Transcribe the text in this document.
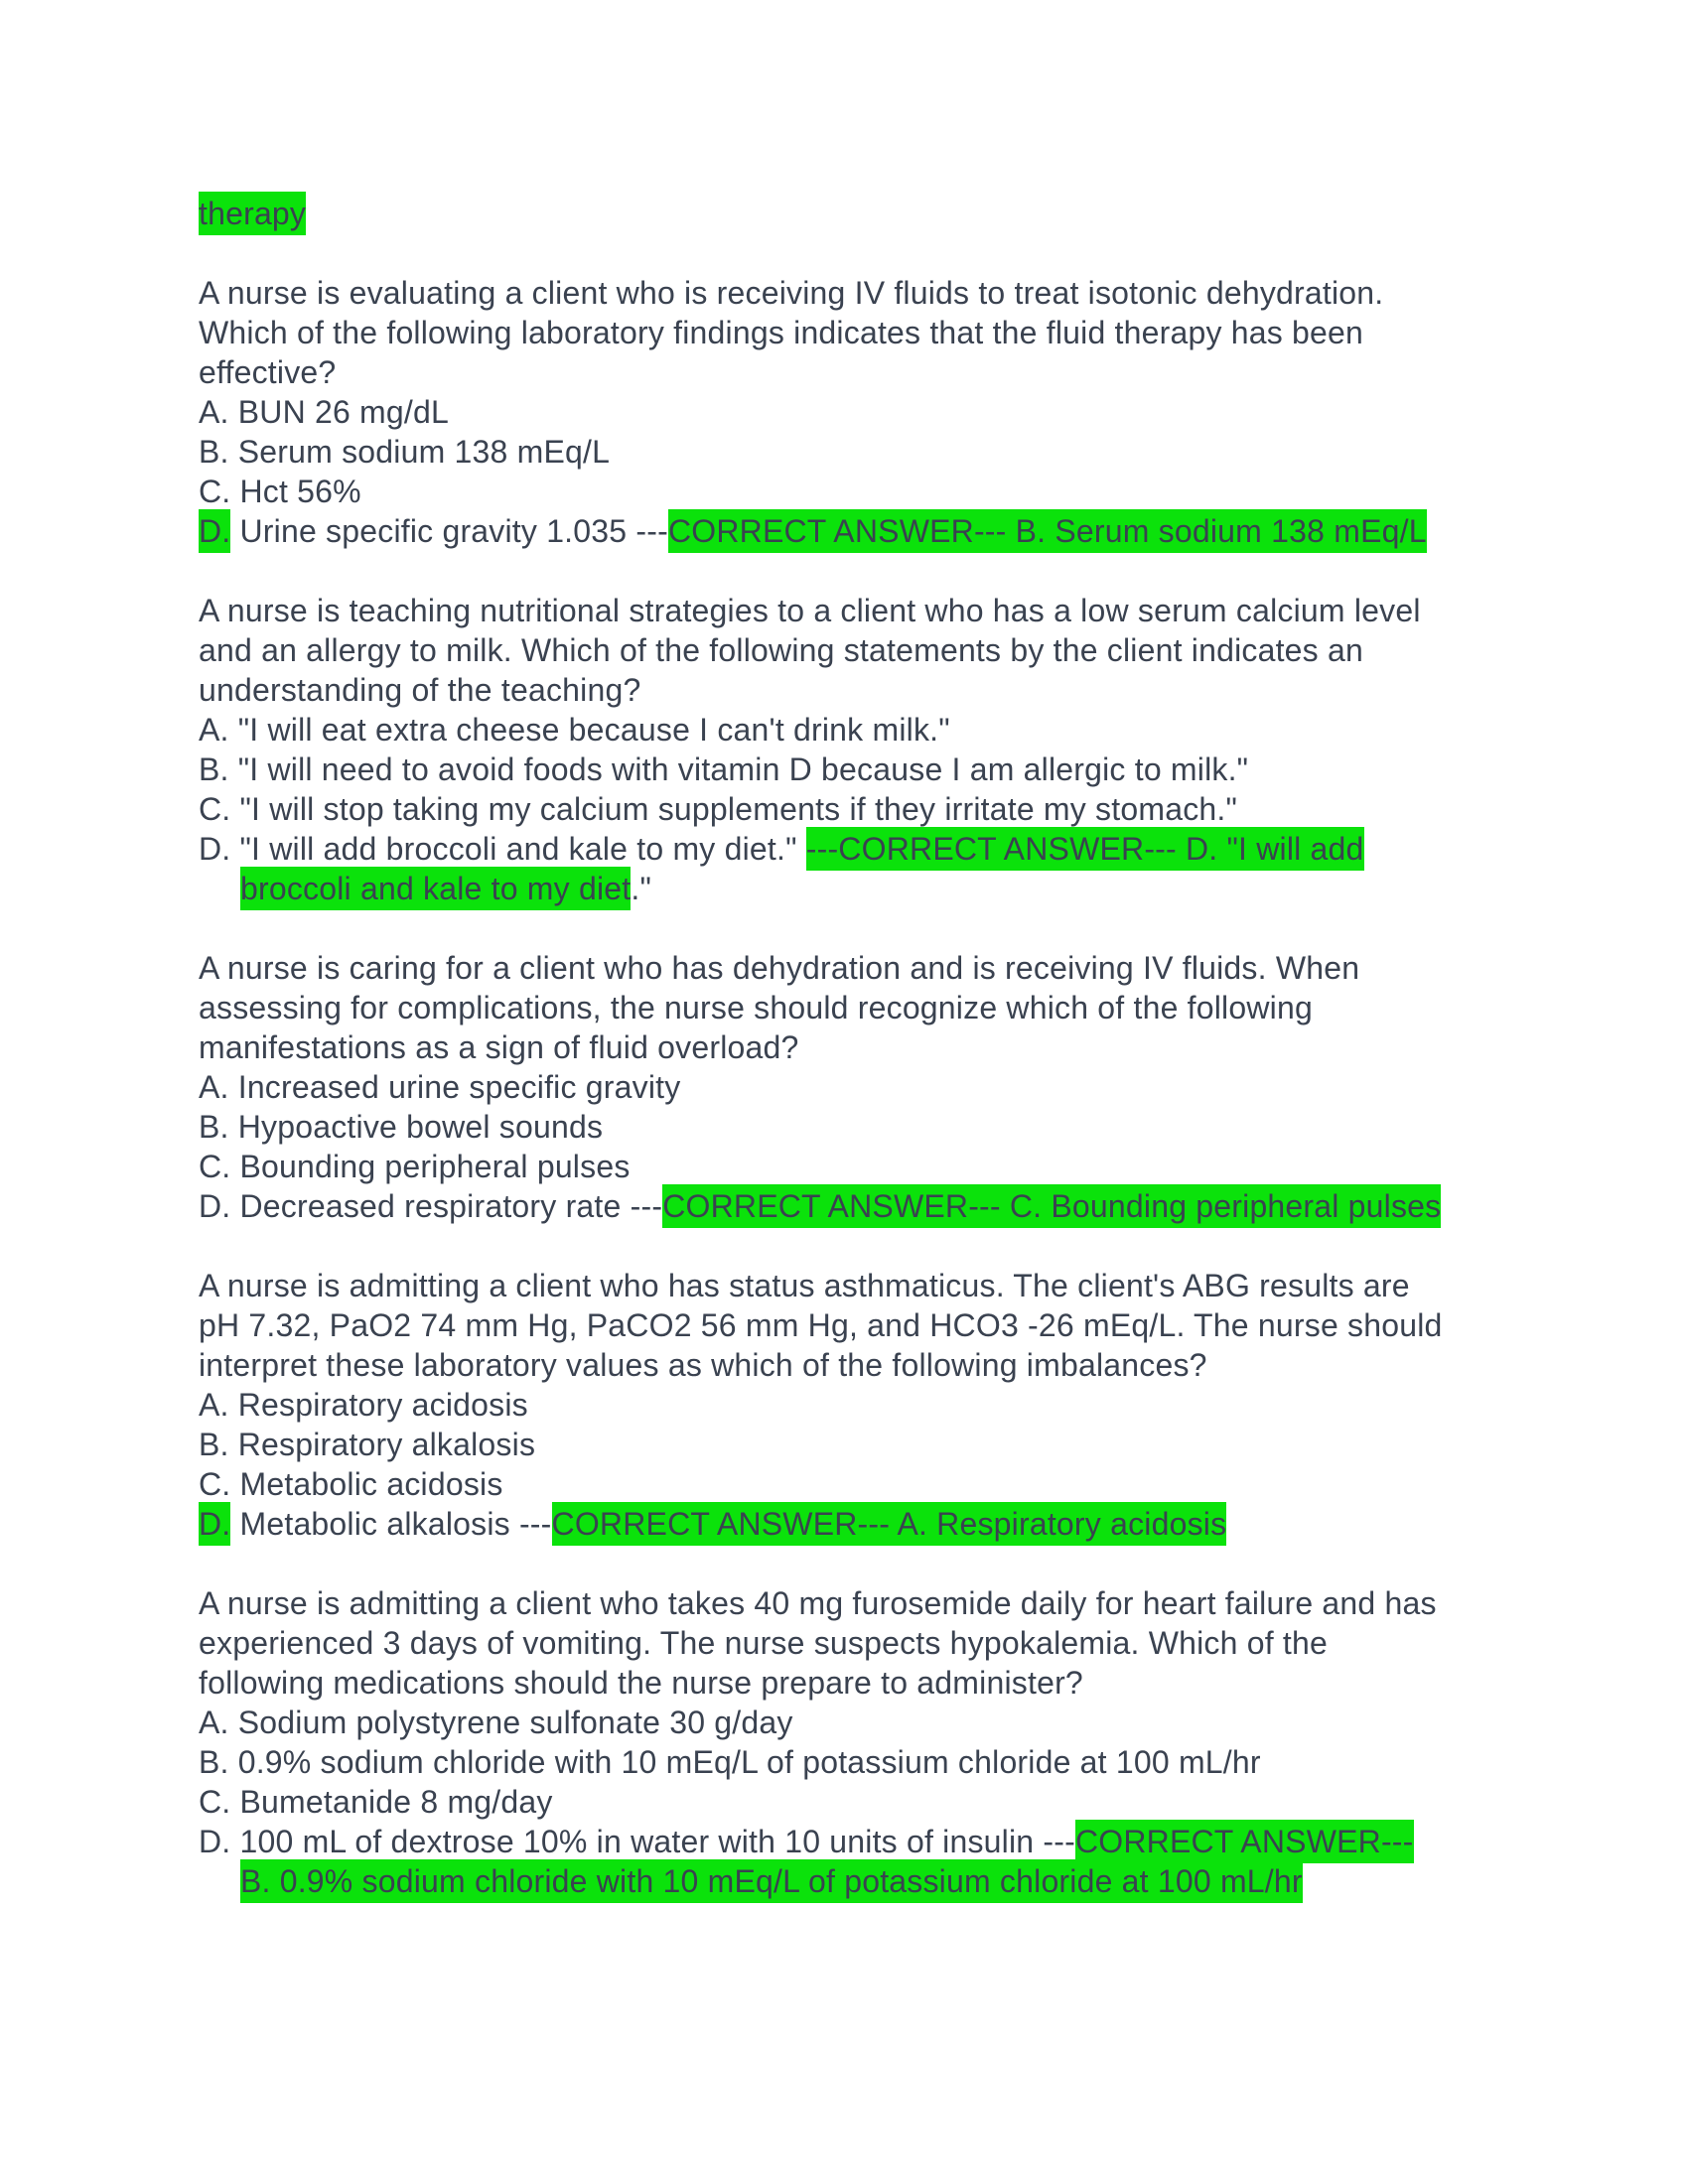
therapy
A nurse is evaluating a client who is receiving IV fluids to treat isotonic dehydration.
Which of the following laboratory findings indicates that the fluid therapy has been
effective?
A. BUN 26 mg/dL
B. Serum sodium 138 mEq/L
C. Hct 56%
D. Urine specific gravity 1.035 ---CORRECT ANSWER--- B. Serum sodium 138 mEq/L
A nurse is teaching nutritional strategies to a client who has a low serum calcium level
and an allergy to milk. Which of the following statements by the client indicates an
understanding of the teaching?
A. "I will eat extra cheese because I can't drink milk."
B. "I will need to avoid foods with vitamin D because I am allergic to milk."
C. "I will stop taking my calcium supplements if they irritate my stomach."
D. "I will add broccoli and kale to my diet." ---CORRECT ANSWER--- D. "I will add
broccoli and kale to my diet."
A nurse is caring for a client who has dehydration and is receiving IV fluids. When
assessing for complications, the nurse should recognize which of the following
manifestations as a sign of fluid overload?
A. Increased urine specific gravity
B. Hypoactive bowel sounds
C. Bounding peripheral pulses
D. Decreased respiratory rate ---CORRECT ANSWER--- C. Bounding peripheral pulses
A nurse is admitting a client who has status asthmaticus. The client's ABG results are
pH 7.32, PaO2 74 mm Hg, PaCO2 56 mm Hg, and HCO3 -26 mEq/L. The nurse should
interpret these laboratory values as which of the following imbalances?
A. Respiratory acidosis
B. Respiratory alkalosis
C. Metabolic acidosis
D. Metabolic alkalosis ---CORRECT ANSWER--- A. Respiratory acidosis
A nurse is admitting a client who takes 40 mg furosemide daily for heart failure and has
experienced 3 days of vomiting. The nurse suspects hypokalemia. Which of the
following medications should the nurse prepare to administer?
A. Sodium polystyrene sulfonate 30 g/day
B. 0.9% sodium chloride with 10 mEq/L of potassium chloride at 100 mL/hr
C. Bumetanide 8 mg/day
D. 100 mL of dextrose 10% in water with 10 units of insulin ---CORRECT ANSWER---
B. 0.9% sodium chloride with 10 mEq/L of potassium chloride at 100 mL/hr
